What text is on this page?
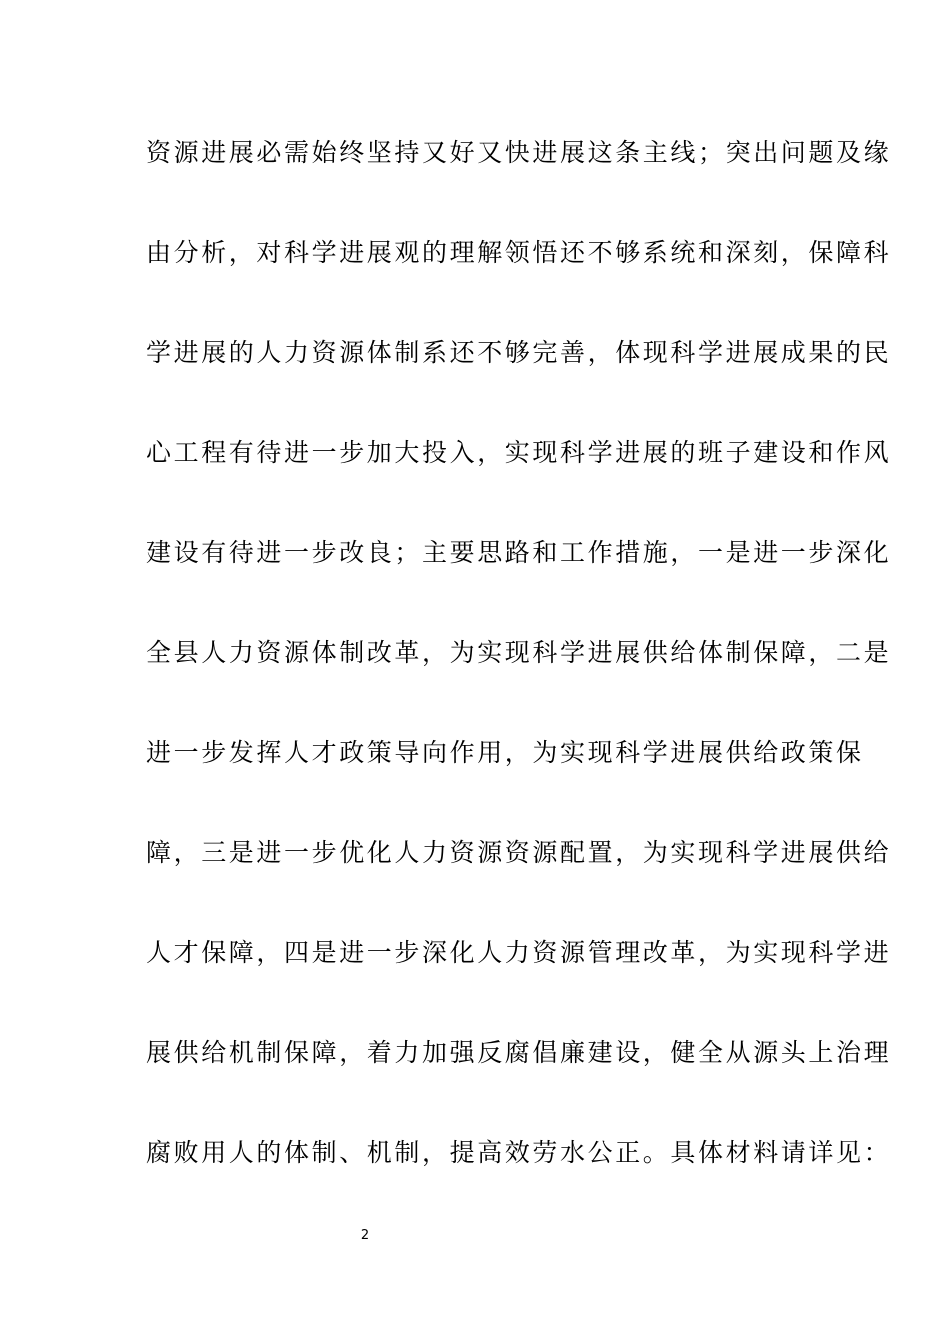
资源进展必需始终坚持又好又快进展这条主线；突出问题及缘
由分析，对科学进展观的理解领悟还不够系统和深刻，保障科
学进展的人力资源体制系还不够完善，体现科学进展成果的民
心工程有待进一步加大投入，实现科学进展的班子建设和作风
建设有待进一步改良；主要思路和工作措施，一是进一步深化
全县人力资源体制改革，为实现科学进展供给体制保障，二是
进一步发挥人才政策导向作用，为实现科学进展供给政策保
障，三是进一步优化人力资源资源配置，为实现科学进展供给
人才保障，四是进一步深化人力资源管理改革，为实现科学进
展供给机制保障，着力加强反腐倡廉建设，健全从源头上治理
腐败用人的体制、机制，提高效劳水公正。具体材料请详见：
2
